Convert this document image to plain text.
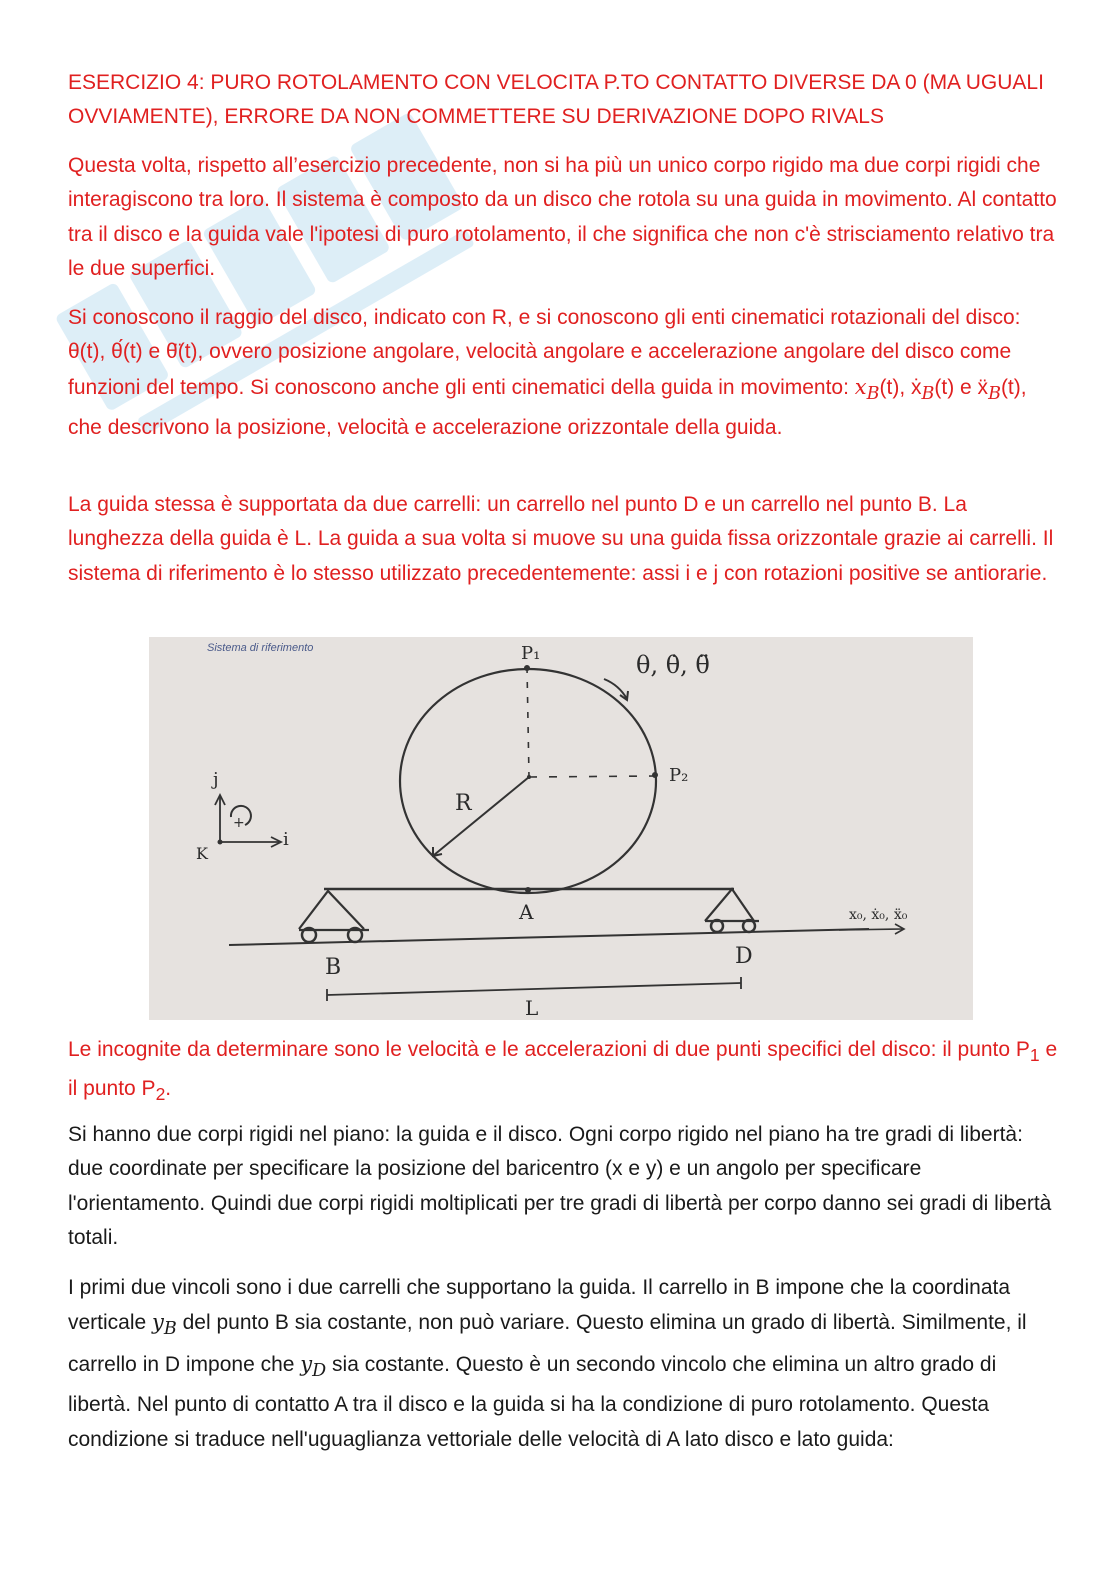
ESERCIZIO 4: PURO ROTOLAMENTO CON VELOCITA P.TO CONTATTO DIVERSE DA 0 (MA UGUALI OVVIAMENTE), ERRORE DA NON COMMETTERE SU DERIVAZIONE DOPO RIVALS
Questa volta, rispetto all’esercizio precedente, non si ha più un unico corpo rigido ma due corpi rigidi che interagiscono tra loro. Il sistema è composto da un disco che rotola su una guida in movimento. Al contatto tra il disco e la guida vale l'ipotesi di puro rotolamento, il che significa che non c'è strisciamento relativo tra le due superfici.
Si conoscono il raggio del disco, indicato con R, e si conoscono gli enti cinematici rotazionali del disco: θ(t), θ́(t) e θ̈(t), ovvero posizione angolare, velocità angolare e accelerazione angolare del disco come funzioni del tempo. Si conoscono anche gli enti cinematici della guida in movimento: $x_B(t)$, ẋ$_B$(t) e ẍ$_B$(t), che descrivono la posizione, velocità e accelerazione orizzontale della guida.
La guida stessa è supportata da due carrelli: un carrello nel punto D e un carrello nel punto B. La lunghezza della guida è L. La guida a sua volta si muove su una guida fissa orizzontale grazie ai carrelli. Il sistema di riferimento è lo stesso utilizzato precedentemente: assi i e j con rotazioni positive se antiorarie.
Sistema di riferimento	P₁
P₂
R
θ, θ̇, θ̈
A
B	D
x₀, ẋ₀, ẍ₀
L
+
j
i
K
Le incognite da determinare sono le velocità e le accelerazioni di due punti specifici del disco: il punto $P_1$ e il punto $P_2$.
Si hanno due corpi rigidi nel piano: la guida e il disco. Ogni corpo rigido nel piano ha tre gradi di libertà: due coordinate per specificare la posizione del baricentro (x e y) e un angolo per specificare l'orientamento. Quindi due corpi rigidi moltiplicati per tre gradi di libertà per corpo danno sei gradi di libertà totali.
I primi due vincoli sono i due carrelli che supportano la guida. Il carrello in B impone che la coordinata verticale $y_B$ del punto B sia costante, non può variare. Questo elimina un grado di libertà. Similmente, il carrello in D impone che $y_D$ sia costante. Questo è un secondo vincolo che elimina un altro grado di libertà. Nel punto di contatto A tra il disco e la guida si ha la condizione di puro rotolamento. Questa condizione si traduce nell'uguaglianza vettoriale delle velocità di A lato disco e lato guida:
